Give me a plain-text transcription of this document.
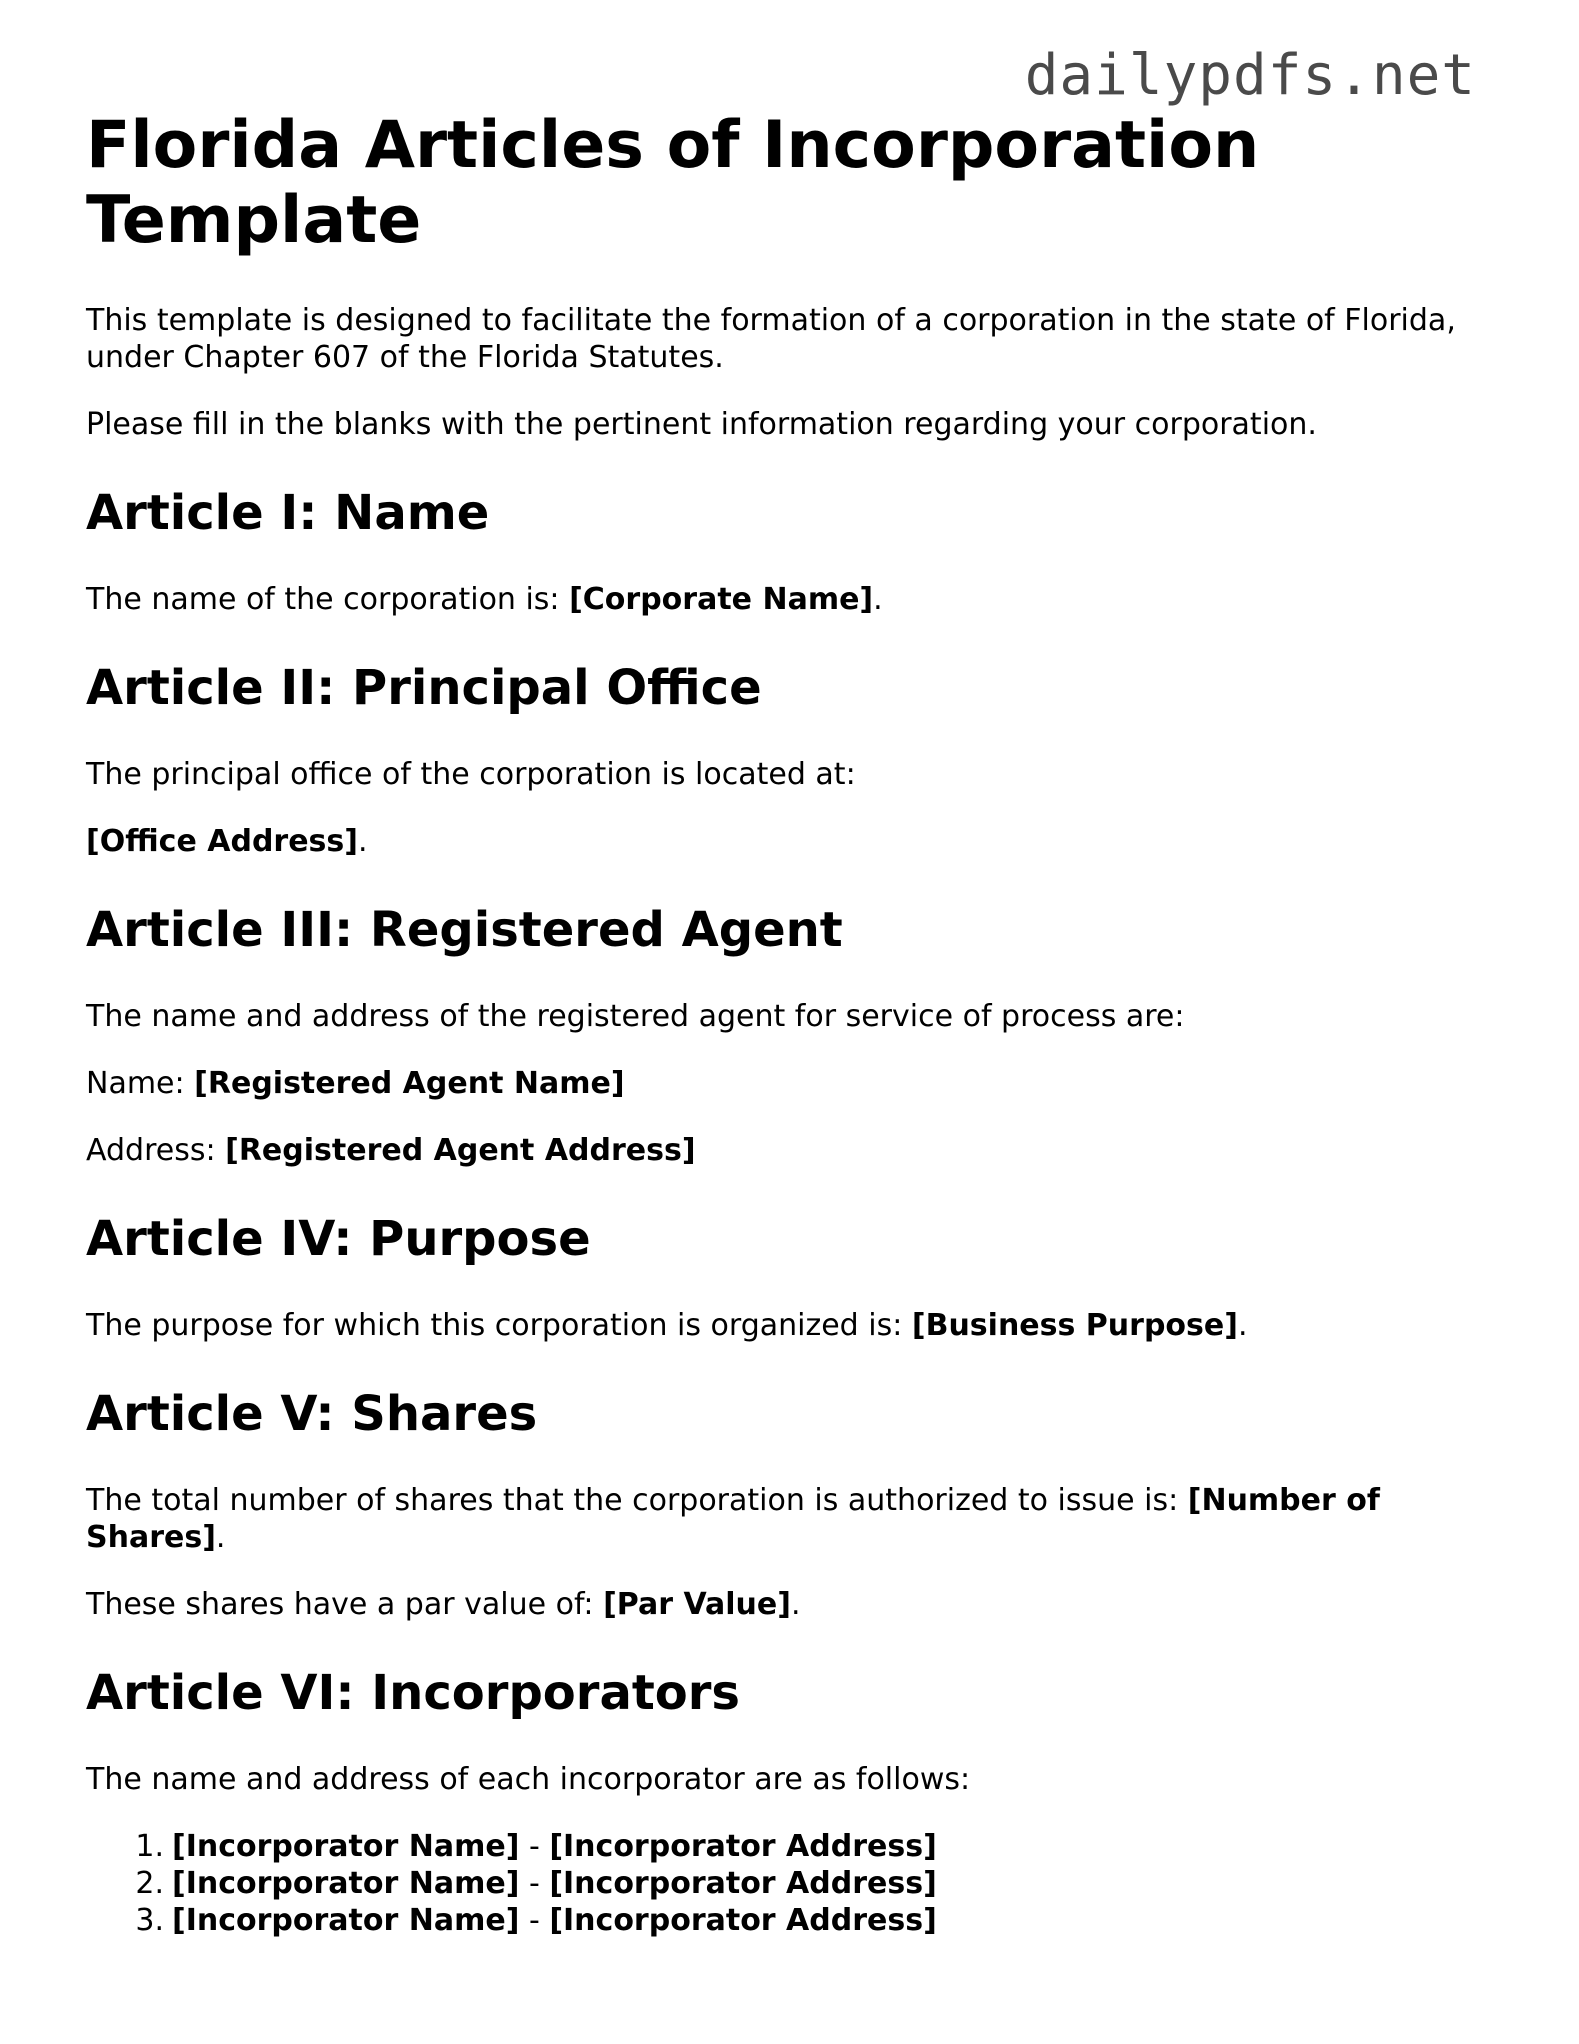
dailypdfs.net
Florida Articles of Incorporation Template

This template is designed to facilitate the formation of a corporation in the state of Florida, under Chapter 607 of the Florida Statutes.

Please fill in the blanks with the pertinent information regarding your corporation.

Article I: Name

The name of the corporation is: [Corporate Name].

Article II: Principal Office

The principal office of the corporation is located at:

[Office Address].

Article III: Registered Agent

The name and address of the registered agent for service of process are:

Name: [Registered Agent Name]

Address: [Registered Agent Address]

Article IV: Purpose

The purpose for which this corporation is organized is: [Business Purpose].

Article V: Shares

The total number of shares that the corporation is authorized to issue is: [Number of Shares].

These shares have a par value of: [Par Value].

Article VI: Incorporators

The name and address of each incorporator are as follows:

1. [Incorporator Name] - [Incorporator Address]
2. [Incorporator Name] - [Incorporator Address]
3. [Incorporator Name] - [Incorporator Address]
